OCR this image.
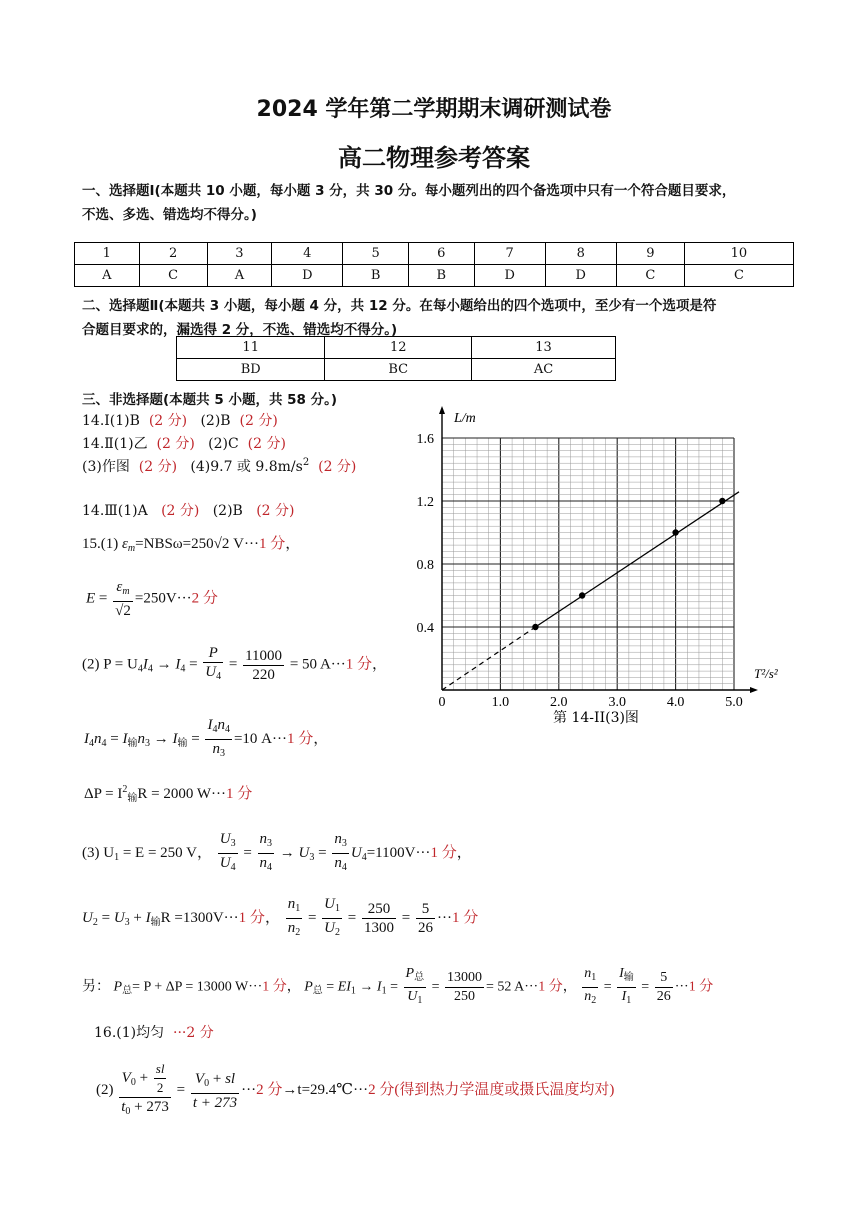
2024 学年第二学期期末调研测试卷
高二物理参考答案
一、选择题Ⅰ(本题共 10 小题，每小题 3 分，共 30 分。每小题列出的四个备选项中只有一个符合题目要求，
不选、多选、错选均不得分。)
1	2	3	4	5	6	7	8	9	10
A	C	A	D	B	B	D	D	C	C
二、选择题Ⅱ(本题共 3 小题，每小题 4 分，共 12 分。在每小题给出的四个选项中，至少有一个选项是符
合题目要求的，漏选得 2 分，不选、错选均不得分。)
11	12	13
BD	BC	AC
三、非选择题(本题共 5 小题，共 58 分。)
14.I(1)B (2 分) (2)B (2 分)
14.Ⅱ(1)乙 (2 分) (2)C (2 分)
(3)作图 (2 分) (4)9.7 或 $9.8m/s^2$ (2 分)
14.Ⅲ(1)A (2 分) (2)B (2 分)
15.(1) $\varepsilon_m=NBS\omega=250√2$ V···1 分，
$E = \frac{\varepsilon_m}{√2} =250V\cdot\cdot\cdot 2$ 分
(2) $P = U_4I_4 \to I_4 = \frac{P}{U_4} = \frac{11000}{220} = 50$ A···1 分，
$I_4n_4 = I_输n_3 \to I_输 = \frac{I_4n_4}{n_3} =10$ A···1 分，
$\Delta P = I^2_输R = 2000$ W···1 分
(3) $U_1 = E = 250$ V， $\frac{U_3}{U_4} = \frac{n_3}{n_4} \to U_3 = \frac{n_3}{n_4} U_4=1100V\cdot\cdot\cdot 1$ 分，
$U_2 = U_3 + I_输R =1300V\cdot\cdot\cdot 1$ 分， $\frac{n_1}{n_2} = \frac{U_1}{U_2} = \frac{250}{1300} = \frac{5}{26} \cdot\cdot\cdot 1$ 分
另： $P_总= P + \Delta P = 13000$ W···1 分， $P_总 = EI_1 \to I_1 = \frac{P_总}{U_1} = \frac{13000}{250} = 52$ A···1 分， $\frac{n_1}{n_2} = \frac{I_输}{I_1} = \frac{5}{26} \cdot\cdot\cdot 1$ 分
16.(1)均匀 ···2 分
$(2) \frac{V_0 + \frac{sl}{2}}{t_0 + 273} = \frac{V_0 + sl}{t + 273} \cdot\cdot\cdot 2$ 分→t=29.4℃···2 分(得到热力学温度或摄氏温度均对)
0	1.0	2.0	3.0	4.0	5.0
0.4
0.8
1.2
1.6
L/m
T²/s²
第 14-II(3)图
